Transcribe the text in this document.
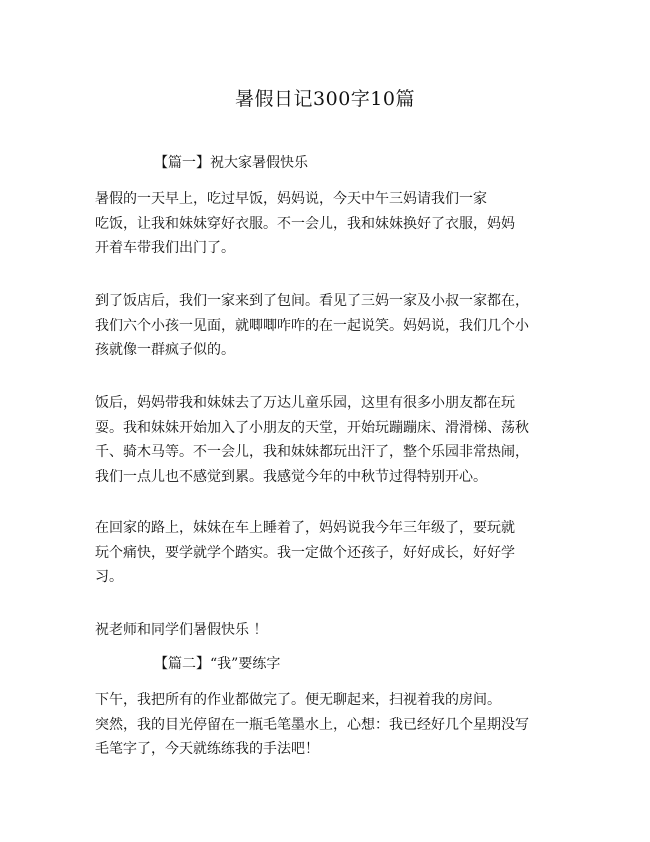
暑假日记300字10篇
【篇一】祝大家暑假快乐

暑假的一天早上，吃过早饭，妈妈说，今天中午三妈请我们一家
吃饭，让我和妹妹穿好衣服。不一会儿，我和妹妹换好了衣服，妈妈
开着车带我们出门了。

到了饭店后，我们一家来到了包间。看见了三妈一家及小叔一家都在，
我们六个小孩一见面，就唧唧咋咋的在一起说笑。妈妈说，我们几个小
孩就像一群疯子似的。

饭后，妈妈带我和妹妹去了万达儿童乐园，这里有很多小朋友都在玩
耍。我和妹妹开始加入了小朋友的天堂，开始玩蹦蹦床、滑滑梯、荡秋
千、骑木马等。不一会儿，我和妹妹都玩出汗了，整个乐园非常热闹，
我们一点儿也不感觉到累。我感觉今年的中秋节过得特别开心。

在回家的路上，妹妹在车上睡着了，妈妈说我今年三年级了，要玩就
玩个痛快，要学就学个踏实。我一定做个还孩子，好好成长，好好学
习。

祝老师和同学们暑假快乐 ！

【篇二】“我”要练字

下午，我把所有的作业都做完了。便无聊起来，扫视着我的房间。
突然，我的目光停留在一瓶毛笔墨水上，心想：我已经好几个星期没写
毛笔字了，今天就练练我的手法吧！
